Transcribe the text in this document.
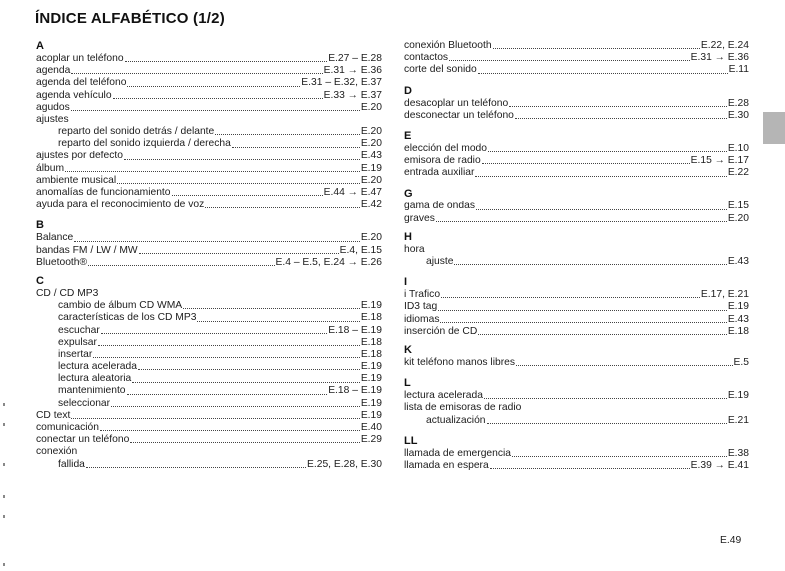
ÍNDICE ALFABÉTICO (1/2)
A
acoplar un teléfono	E.27 – E.28
agenda	E.31 → E.36
agenda del teléfono	E.31 – E.32, E.37
agenda vehículo	E.33 → E.37
agudos	E.20
ajustes
reparto del sonido detrás / delante	E.20
reparto del sonido izquierda / derecha	E.20
ajustes por defecto	E.43
álbum	E.19
ambiente musical	E.20
anomalías de funcionamiento	E.44 → E.47
ayuda para el reconocimiento de voz	E.42
B
Balance	E.20
bandas FM / LW / MW	E.4, E.15
Bluetooth®	E.4 – E.5, E.24 → E.26
C
CD / CD MP3
cambio de álbum CD WMA	E.19
características de los CD MP3	E.18
escuchar	E.18 – E.19
expulsar	E.18
insertar	E.18
lectura acelerada	E.19
lectura aleatoria	E.19
mantenimiento	E.18 – E.19
seleccionar	E.19
CD text	E.19
comunicación	E.40
conectar un teléfono	E.29
conexión
fallida	E.25, E.28, E.30
conexión Bluetooth	E.22, E.24
contactos	E.31 → E.36
corte del sonido	E.11
D
desacoplar un teléfono	E.28
desconectar un teléfono	E.30
E
elección del modo	E.10
emisora de radio	E.15 → E.17
entrada auxiliar	E.22
G
gama de ondas	E.15
graves	E.20
H
hora
ajuste	E.43
I
i Trafico	E.17, E.21
ID3 tag	E.19
idiomas	E.43
inserción de CD	E.18
K
kit teléfono manos libres	E.5
L
lectura acelerada	E.19
lista de emisoras de radio
actualización	E.21
LL
llamada de emergencia	E.38
llamada en espera	E.39 → E.41
E.49
